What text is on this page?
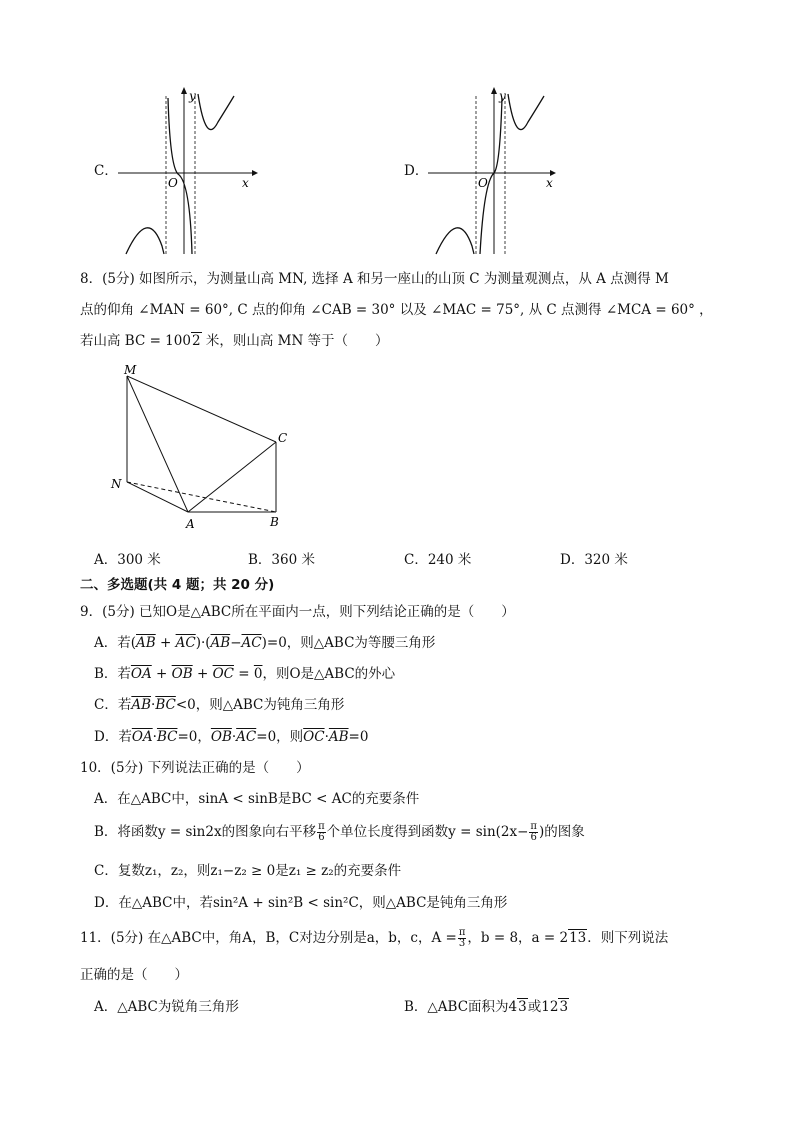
C．
y
x
O
D．
y
x
O
8．(5分) 如图所示，为测量山高 MN, 选择 A 和另一座山的山顶 C 为测量观测点，从 A 点测得 M
点的仰角 ∠MAN = 60°, C 点的仰角 ∠CAB = 30° 以及 ∠MAC = 75°, 从 C 点测得 ∠MCA = 60° ，
若山高 BC = 1002 米，则山高 MN 等于（　　）
M
N
A	B
C
A．300 米	B．360 米	C．240 米	D．320 米
二、多选题(共 4 题；共 20 分)
9．(5分) 已知O是△ABC所在平面内一点，则下列结论正确的是（　　）
A．若$(\overline{AB} + \overline{AC})\cdot(\overline{AB}-\overline{AC})=0$，则△ABC为等腰三角形
B．若$\overline{OA} + \overline{OB} + \overline{OC} = 0$，则O是△ABC的外心
C．若$\overline{AB}\cdot\overline{BC}<0$，则△ABC为钝角三角形
D．若$\overline{OA}\cdot\overline{BC}=0$，$\overline{OB}\cdot\overline{AC}=0$，则$\overline{OC}\cdot\overline{AB}=0$
10．(5分) 下列说法正确的是（　　）
A．在△ABC中，sinA < sinB是BC < AC的充要条件
B．将函数y = sin2x的图象向右平移 $\frac{\pi}{6}$ 个单位长度得到函数$y = \sin(2x- \frac{\pi}{6}$ )的图象
C．复数z₁，z₂，则z₁−z₂ ≥ 0是z₁ ≥ z₂的充要条件
D．在△ABC中，若sin²A + sin²B < sin²C，则△ABC是钝角三角形
11．(5分) 在△ABC中，角A，B，C对边分别是a，b，c，$A = \frac{\pi}{3}$ ，b = 8，a = 213．则下列说法
正确的是（　　）
A．△ABC为锐角三角形	B．△ABC面积为43或123
